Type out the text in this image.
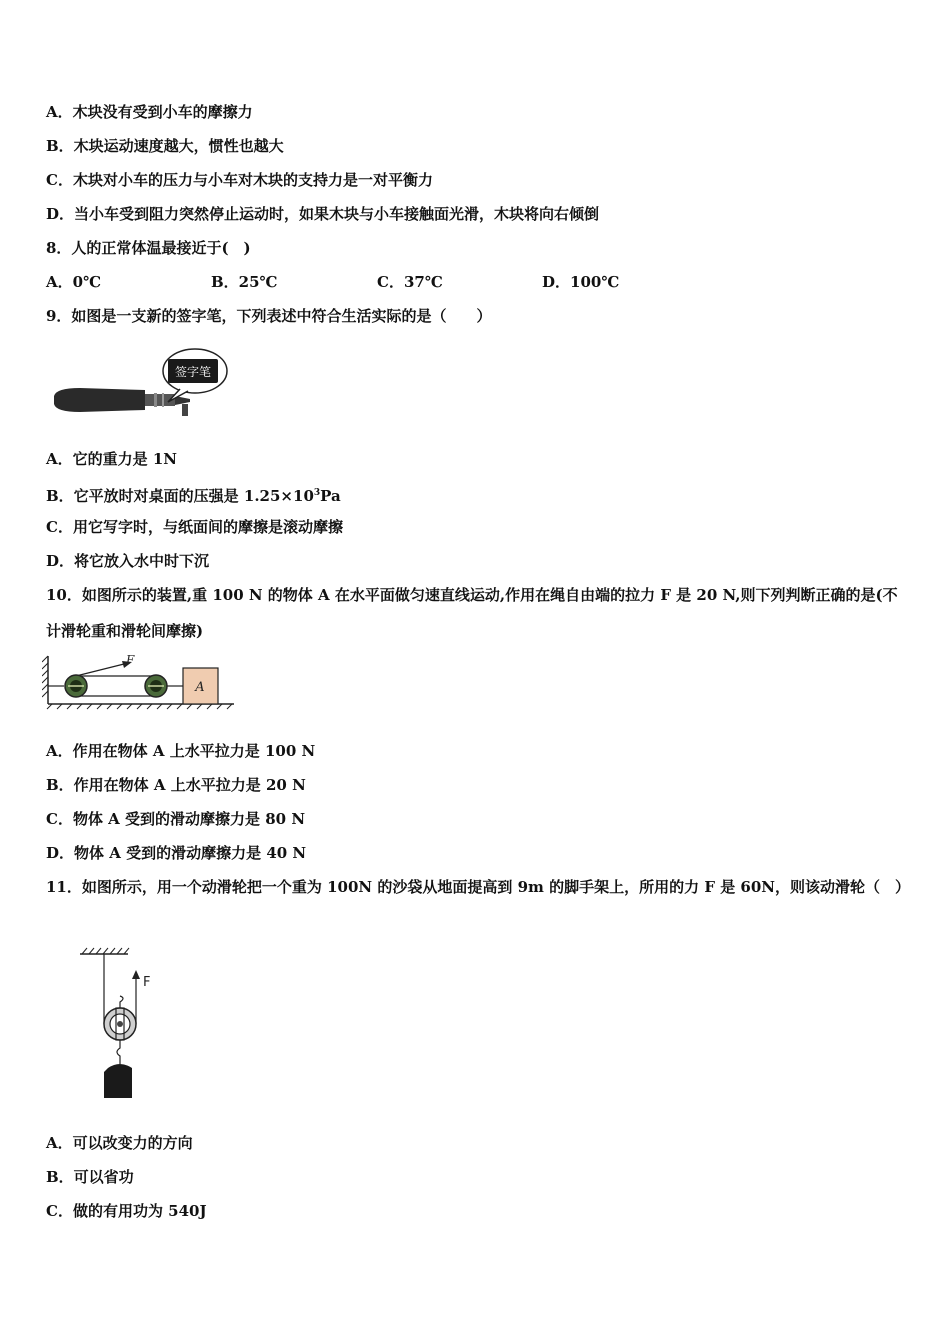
A．木块没有受到小车的摩擦力
B．木块运动速度越大，惯性也越大
C．木块对小车的压力与小车对木块的支持力是一对平衡力
D．当小车受到阻力突然停止运动时，如果木块与小车接触面光滑，木块将向右倾倒
8．人的正常体温最接近于(　)
A．0℃	B．25℃	C．37℃	D．100℃
9．如图是一支新的签字笔，下列表述中符合生活实际的是（　　）
签字笔
A．它的重力是 1N
B．它平放时对桌面的压强是 $1.25\times 10^3Pa$
C．用它写字时，与纸面间的摩擦是滚动摩擦
D．将它放入水中时下沉
10．如图所示的装置,重 100 N 的物体 A 在水平面做匀速直线运动,作用在绳自由端的拉力 F 是 20 N,则下列判断正确的是(不计滑轮重和滑轮间摩擦)
F
A
A．作用在物体 A 上水平拉力是 100 N
B．作用在物体 A 上水平拉力是 20 N
C．物体 A 受到的滑动摩擦力是 80 N
D．物体 A 受到的滑动摩擦力是 40 N
11．如图所示，用一个动滑轮把一个重为 100N 的沙袋从地面提高到 9m 的脚手架上，所用的力 F 是 60N，则该动滑轮（　）
F
A．可以改变力的方向
B．可以省功
C．做的有用功为 540J
